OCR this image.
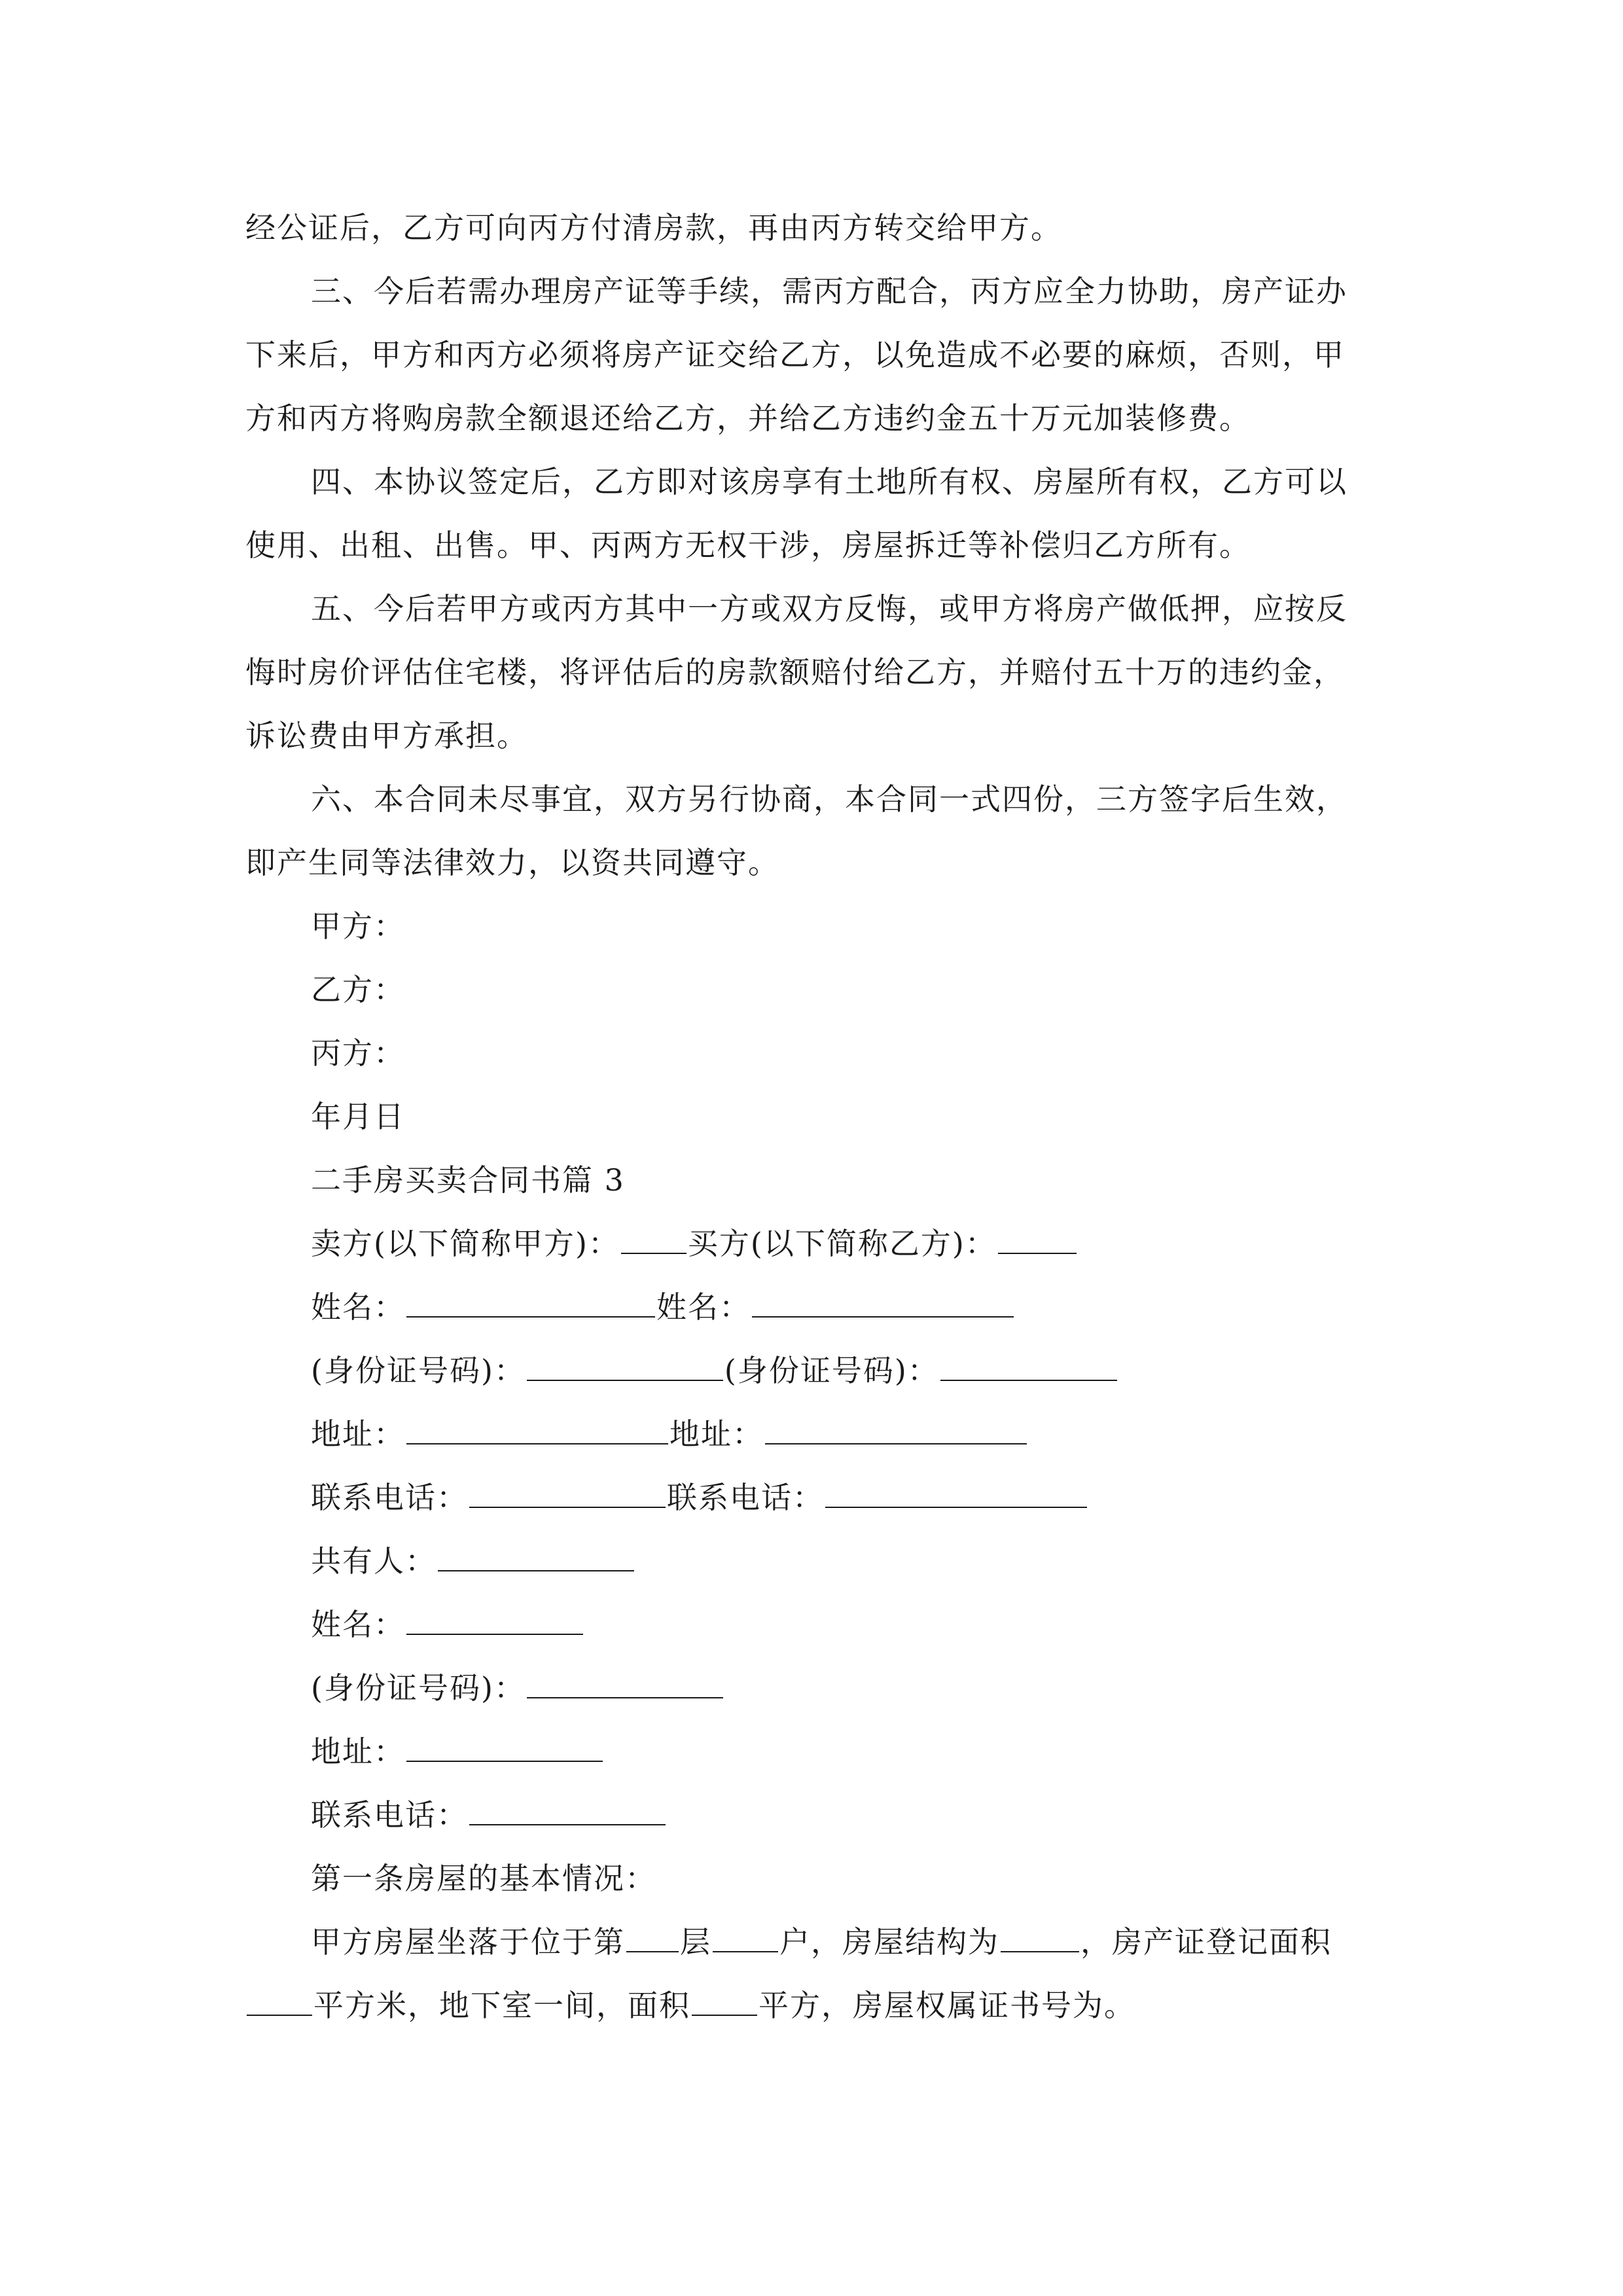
经公证后，乙方可向丙方付清房款，再由丙方转交给甲方。
三、今后若需办理房产证等手续，需丙方配合，丙方应全力协助，房产证办
下来后，甲方和丙方必须将房产证交给乙方，以免造成不必要的麻烦，否则，甲
方和丙方将购房款全额退还给乙方，并给乙方违约金五十万元加装修费。
四、本协议签定后，乙方即对该房享有土地所有权、房屋所有权，乙方可以
使用、出租、出售。甲、丙两方无权干涉，房屋拆迁等补偿归乙方所有。
五、今后若甲方或丙方其中一方或双方反悔，或甲方将房产做低押，应按反
悔时房价评估住宅楼，将评估后的房款额赔付给乙方，并赔付五十万的违约金，
诉讼费由甲方承担。
六、本合同未尽事宜，双方另行协商，本合同一式四份，三方签字后生效，
即产生同等法律效力，以资共同遵守。
甲方：
乙方：
丙方：
年月日
二手房买卖合同书篇 3
卖方(以下简称甲方)： 买方(以下简称乙方)：
姓名：	姓名：
(身份证号码)：	(身份证号码)：
地址：	地址：
联系电话：	联系电话：
共有人：
姓名：
(身份证号码)：
地址：
联系电话：
第一条房屋的基本情况：
甲方房屋坐落于位于第 层 户，房屋结构为	，房产证登记面积
平方米，地下室一间，面积 平方，房屋权属证书号为。
